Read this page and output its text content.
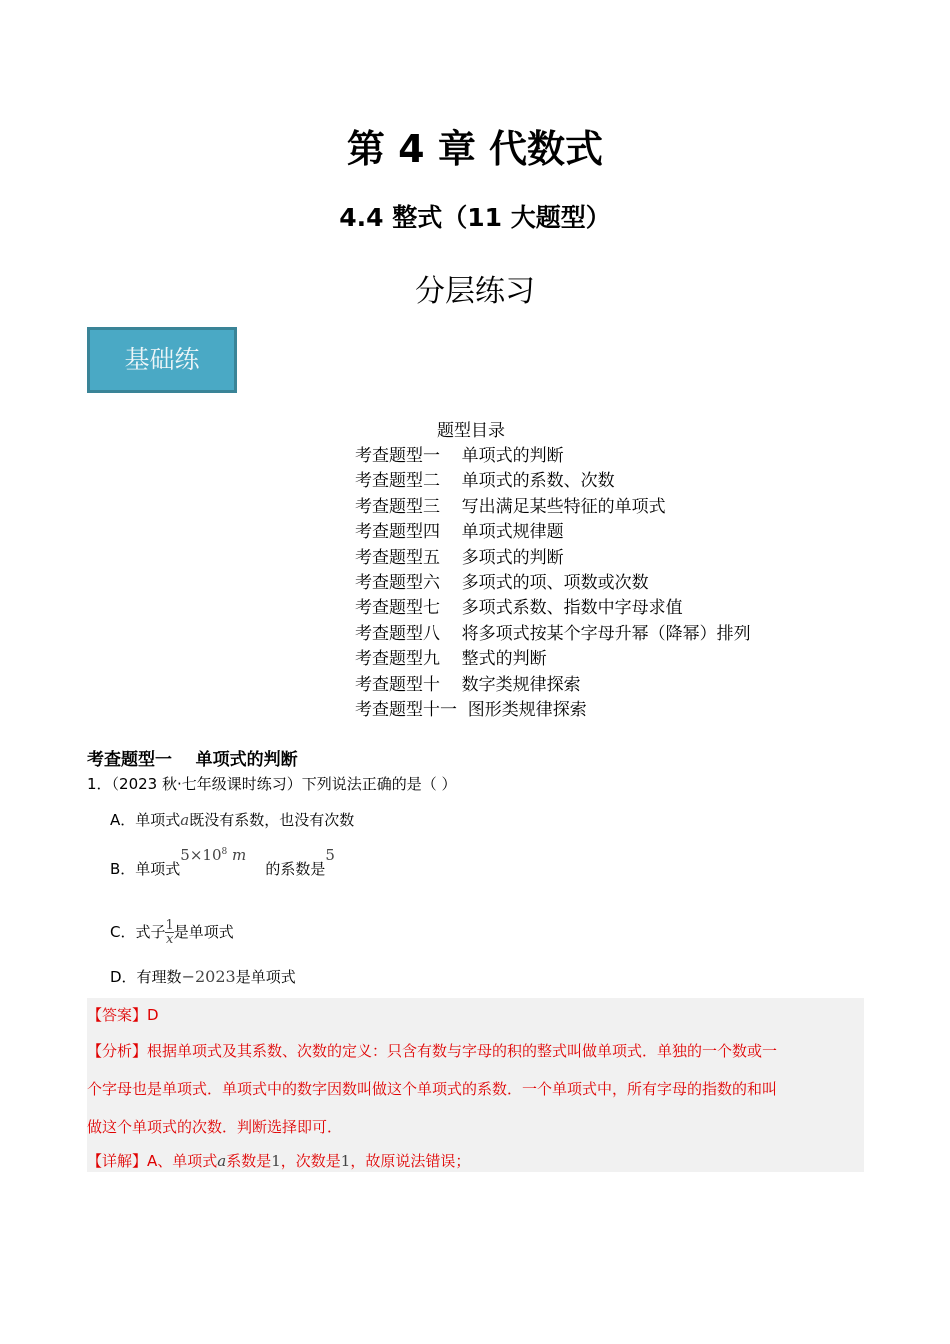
第 4 章 代数式
4.4 整式（11 大题型）
分层练习
基础练
题型目录
考查题型一    单项式的判断
考查题型二    单项式的系数、次数
考查题型三    写出满足某些特征的单项式
考查题型四    单项式规律题
考查题型五    多项式的判断
考查题型六    多项式的项、项数或次数
考查题型七    多项式系数、指数中字母求值
考查题型八    将多项式按某个字母升幂（降幂）排列
考查题型九    整式的判断
考查题型十    数字类规律探索
考查题型十一  图形类规律探索
考查题型一    单项式的判断
1．（2023 秋·七年级课时练习）下列说法正确的是（ ）
A．单项式a既没有系数，也没有次数
B．单项式$5\times 10^8$ m    的系数是5
C．式子 $\frac{1}{x}$ 是单项式
D．有理数−2023是单项式
【答案】D
【分析】根据单项式及其系数、次数的定义：只含有数与字母的积的整式叫做单项式．单独的一个数或一
个字母也是单项式．单项式中的数字因数叫做这个单项式的系数．一个单项式中，所有字母的指数的和叫
做这个单项式的次数．判断选择即可．
【详解】A、单项式a系数是1，次数是1，故原说法错误；
